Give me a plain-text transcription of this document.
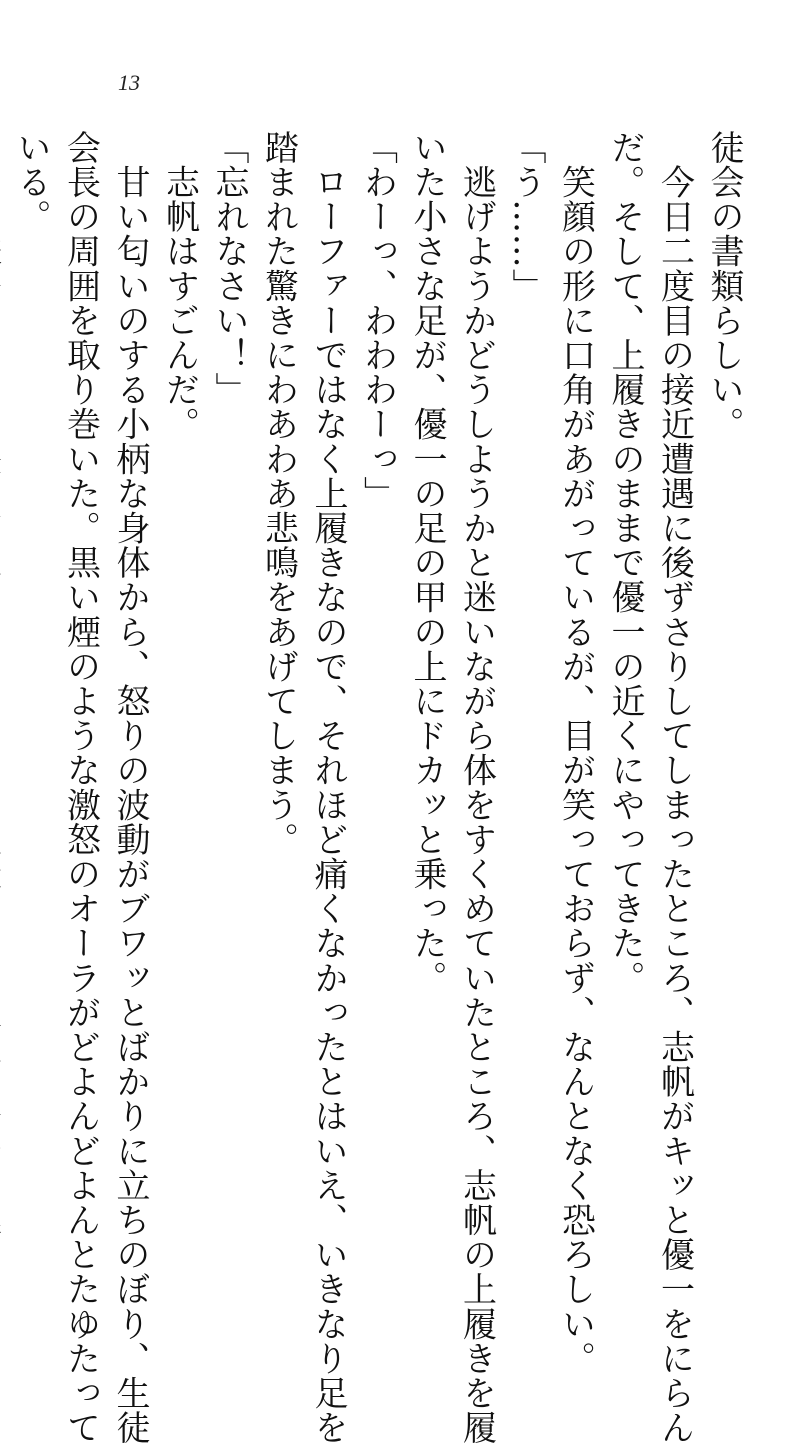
13
徒会の書類らしい。
　今日二度目の接近遭遇に後ずさりしてしまったところ、志帆がキッと優一をにらん
だ。そして、上履きのままで優一の近くにやってきた。
　笑顔の形に口角があがっているが、目が笑っておらず、なんとなく恐ろしい。
「う……」
　逃げようかどうしようかと迷いながら体をすくめていたところ、志帆の上履きを履
いた小さな足が、優一の足の甲の上にドカッと乗った。
「わーっ、わわわーっ」
　ローファーではなく上履きなので、それほど痛くなかったとはいえ、いきなり足を
踏まれた驚きにわあわあ悲鳴をあげてしまう。
「忘れなさい！」
　志帆はすごんだ。
　甘い匂いのする小柄な身体から、怒りの波動がブワッとばかりに立ちのぼり、生徒
会長の周囲を取り巻いた。黒い煙のような激怒のオーラがどよんどよんとたゆたって
いる。
